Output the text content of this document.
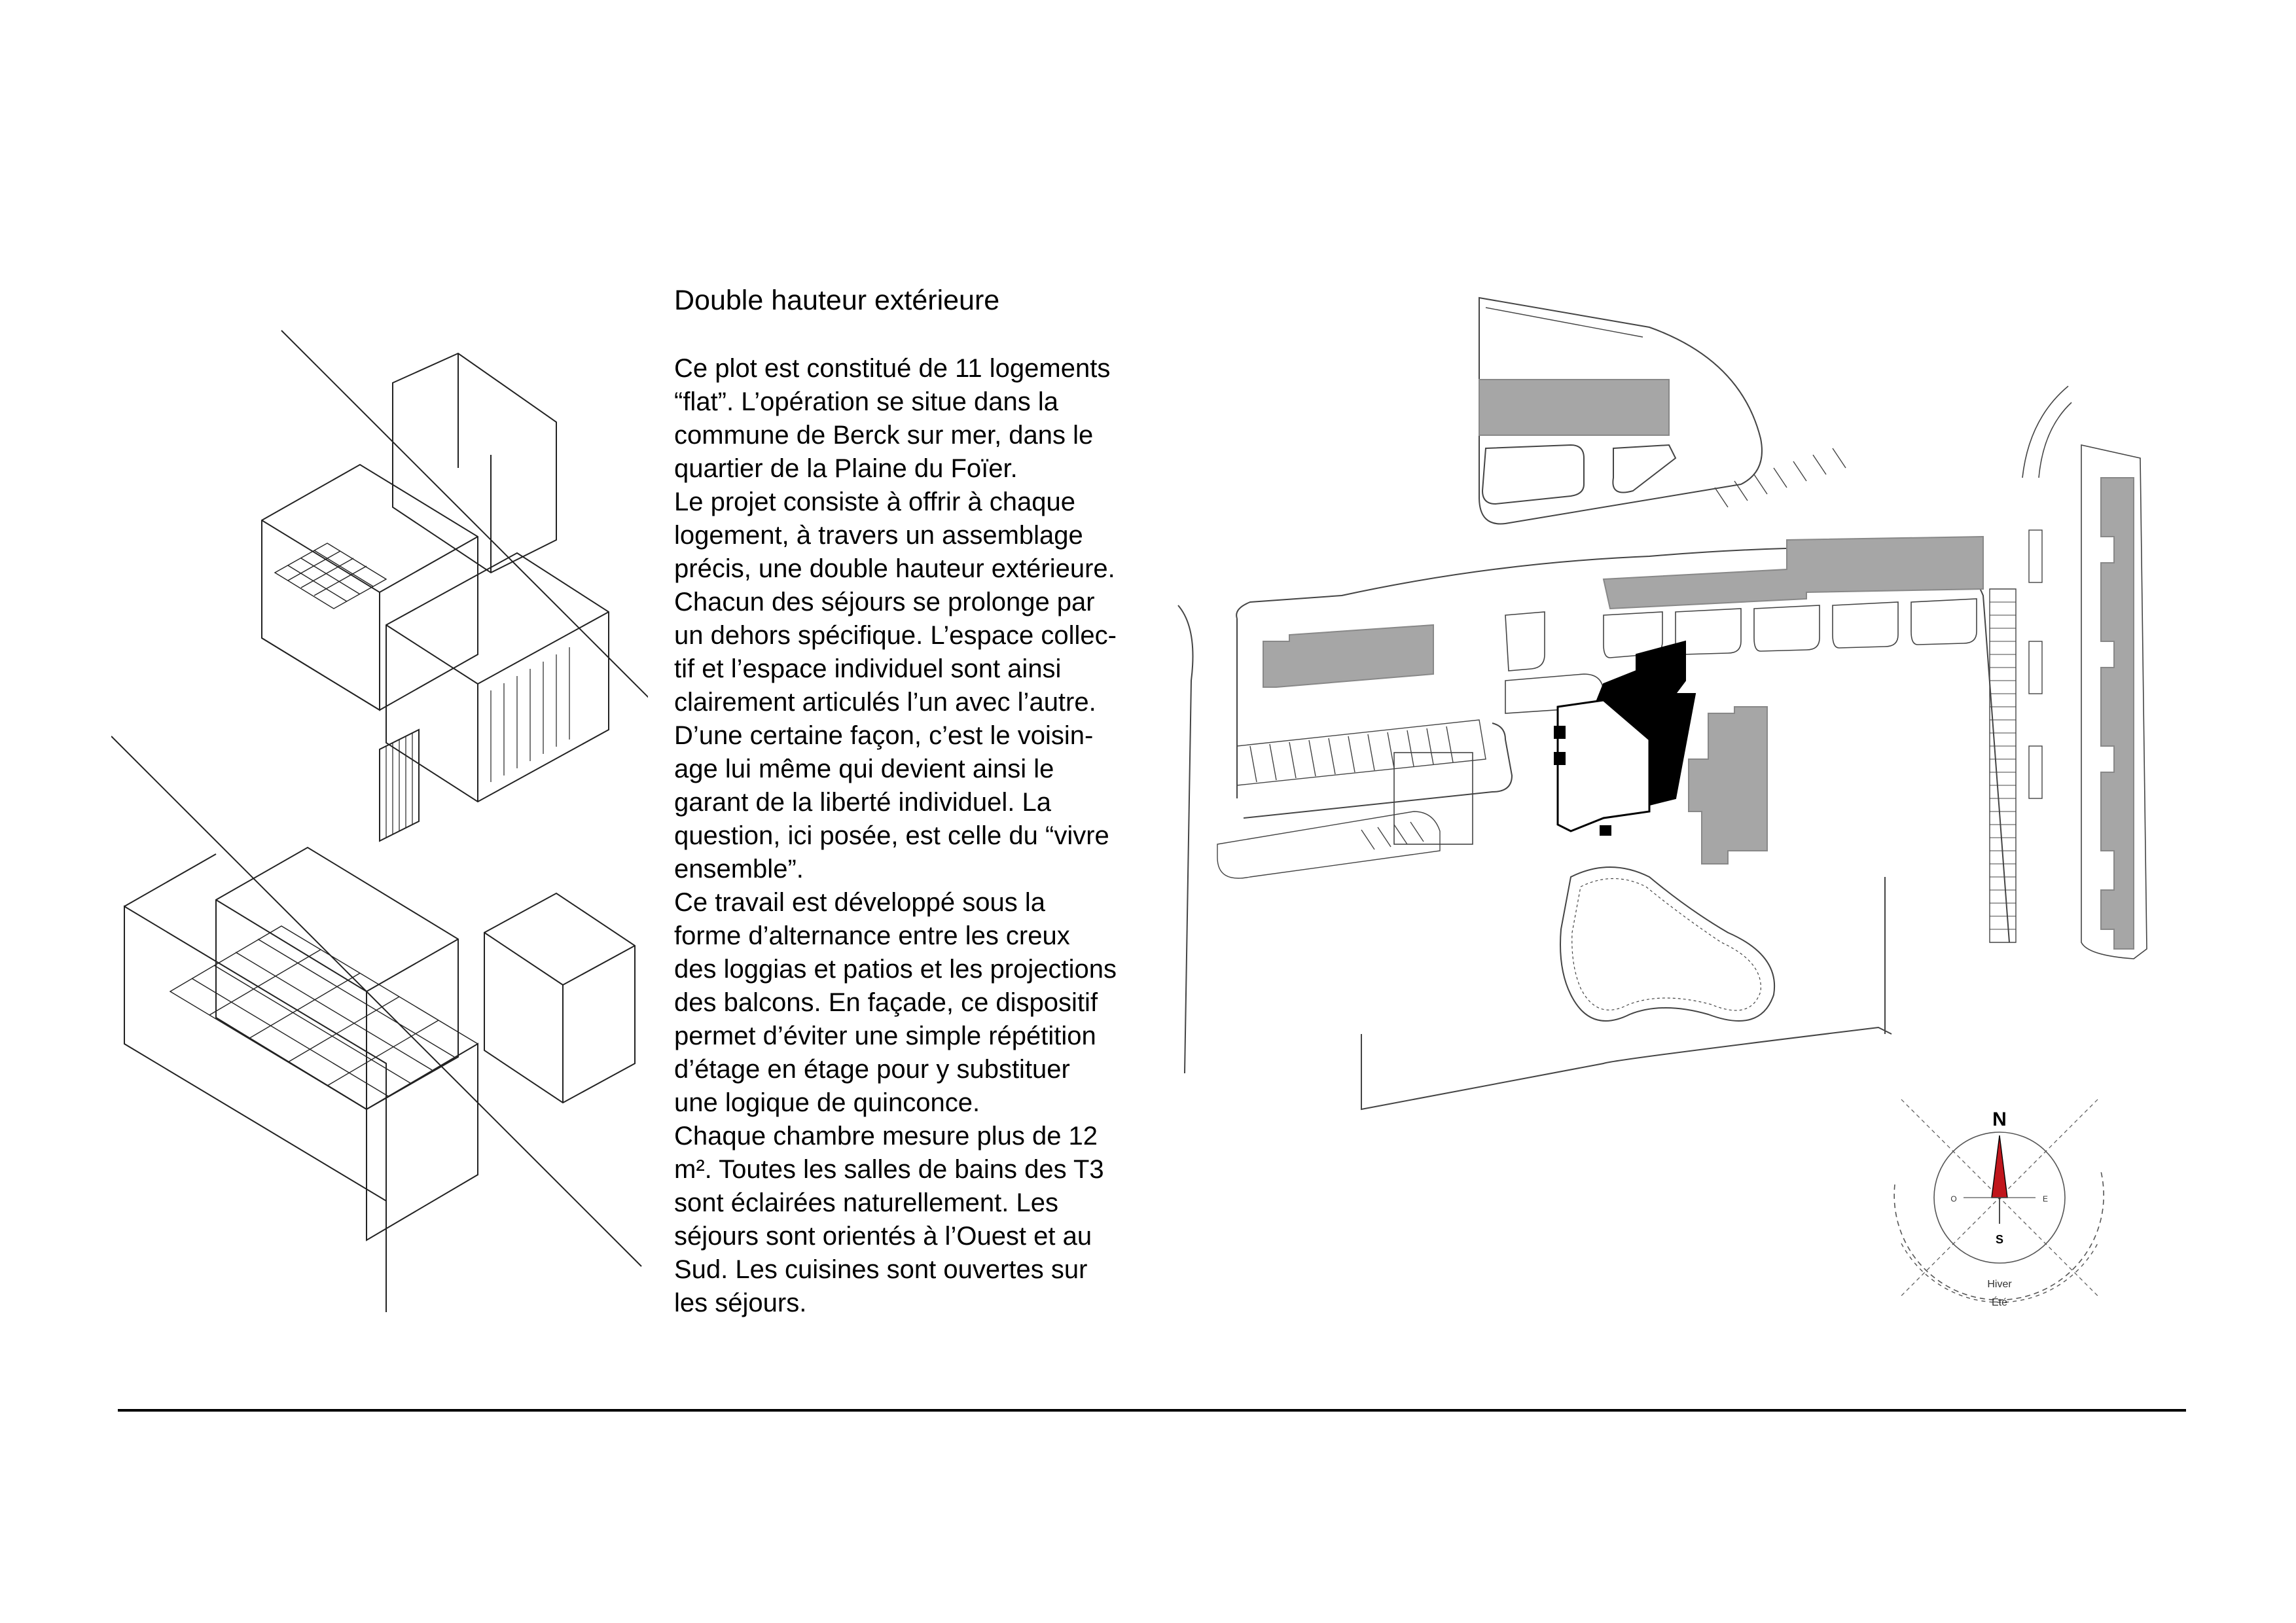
Double hauteur extérieure

Ce plot est constitué de 11 logements

“flat”. L’opération se situe dans la

commune de Berck sur mer, dans le

quartier de la Plaine du Foïer.

Le projet consiste à offrir à chaque

logement, à travers un assemblage

précis, une double hauteur extérieure.

Chacun des séjours se prolonge par

un dehors spécifique. L’espace collec-

tif et l’espace individuel sont ainsi

clairement articulés l’un avec l’autre.

D’une certaine façon, c’est le voisin-

age lui même qui devient ainsi le

garant de la liberté individuel. La

question, ici posée, est celle du “vivre

ensemble”.

Ce travail est développé sous la

forme d’alternance entre les creux

des loggias et patios et les projections

des balcons. En façade, ce dispositif

permet d’éviter une simple répétition

d’étage en étage pour y substituer

une logique de quinconce.

Chaque chambre mesure plus de 12

m². Toutes les salles de bains des T3

sont éclairées naturellement. Les

séjours sont orientés à l’Ouest et au

Sud. Les cuisines sont ouvertes sur

les séjours.

N
S
E
O
Hiver
Été
